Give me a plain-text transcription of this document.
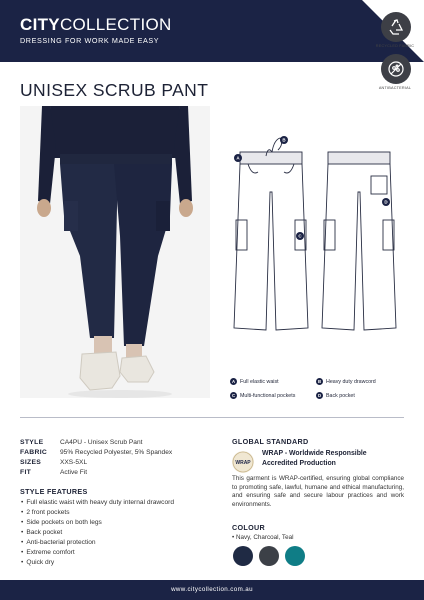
CITYCOLLECTION
DRESSING FOR WORK MADE EASY
RECYCLED FABRIC
ANTIBACTERIAL
UNISEX SCRUB PANT
A
B
C
D
A Full elastic waist	B Heavy duty drawcord
C Multi-functional pockets	D Back pocket
STYLE	CA4PU - Unisex Scrub Pant
FABRIC	95% Recycled Polyester, 5% Spandex
SIZES	XXS-5XL
FIT	Active Fit
STYLE FEATURES
• Full elastic waist with heavy duty internal drawcord
• 2 front pockets
• Side pockets on both legs
• Back pocket
• Anti-bacterial protection
• Extreme comfort
• Quick dry
GLOBAL STANDARD
WRAP
WRAP - Worldwide Responsible
Accredited Production
This garment is WRAP-certified, ensuring global compliance to promoting safe, lawful, humane and ethical manufacturing, and ensuring safe and secure labour practices and work environments.
COLOUR
• Navy, Charcoal, Teal
www.citycollection.com.au
